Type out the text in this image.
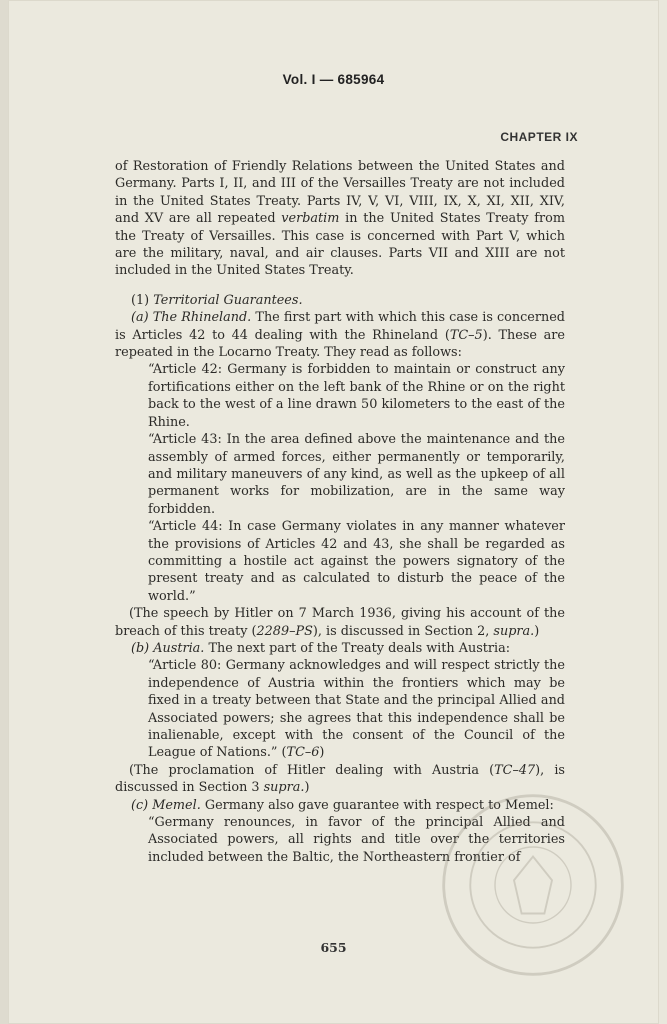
Vol. I — 685964
CHAPTER IX

of Restoration of Friendly Relations between the United States and Germany. Parts I, II, and III of the Versailles Treaty are not included in the United States Treaty. Parts IV, V, VI, VIII, IX, X, XI, XII, XIV, and XV are all repeated verbatim in the United States Treaty from the Treaty of Versailles. This case is concerned with Part V, which are the military, naval, and air clauses. Parts VII and XIII are not included in the United States Treaty.

(1) Territorial Guarantees.

(a) The Rhineland. The first part with which this case is concerned is Articles 42 to 44 dealing with the Rhineland (TC–5). These are repeated in the Locarno Treaty. They read as follows:

“Article 42: Germany is forbidden to maintain or construct any fortifications either on the left bank of the Rhine or on the right back to the west of a line drawn 50 kilometers to the east of the Rhine.

“Article 43: In the area defined above the maintenance and the assembly of armed forces, either permanently or temporarily, and military maneuvers of any kind, as well as the upkeep of all permanent works for mobilization, are in the same way forbidden.

“Article 44: In case Germany violates in any manner whatever the provisions of Articles 42 and 43, she shall be regarded as committing a hostile act against the powers signatory of the present treaty and as calculated to disturb the peace of the world.”

(The speech by Hitler on 7 March 1936, giving his account of the breach of this treaty (2289–PS), is discussed in Section 2, supra.)

(b) Austria. The next part of the Treaty deals with Austria:

“Article 80: Germany acknowledges and will respect strictly the independence of Austria within the frontiers which may be fixed in a treaty between that State and the principal Allied and Associated powers; she agrees that this independence shall be inalienable, except with the consent of the Council of the League of Nations.” (TC–6)

(The proclamation of Hitler dealing with Austria (TC–47), is discussed in Section 3 supra.)

(c) Memel. Germany also gave guarantee with respect to Memel:

“Germany renounces, in favor of the principal Allied and Associated powers, all rights and title over the territories included between the Baltic, the Northeastern frontier of

655
